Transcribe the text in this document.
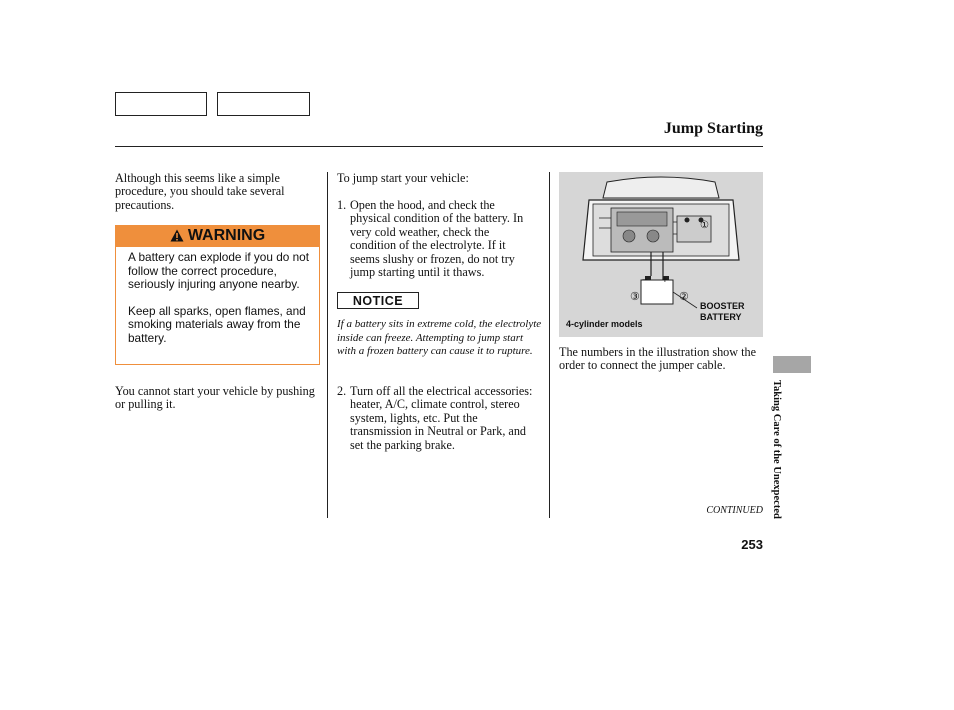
Jump Starting
Although this seems like a simple procedure, you should take several precautions.
WARNING

A battery can explode if you do not follow the correct procedure, seriously injuring anyone nearby.

Keep all sparks, open flames, and smoking materials away from the battery.

You cannot start your vehicle by pushing or pulling it.
To jump start your vehicle:
1. Open the hood, and check the physical condition of the battery. In very cold weather, check the condition of the electrolyte. If it seems slushy or frozen, do not try jump starting until it thaws.
NOTICE
If a battery sits in extreme cold, the electrolyte inside can freeze. Attempting to jump start with a frozen battery can cause it to rupture.
2. Turn off all the electrical accessories: heater, A/C, climate control, stereo system, lights, etc. Put the transmission in Neutral or Park, and set the parking brake.
− +
③	②
①
BOOSTER
BATTERY
4-cylinder models
The numbers in the illustration show the order to connect the jumper cable.
Taking Care of the Unexpected
CONTINUED
253
